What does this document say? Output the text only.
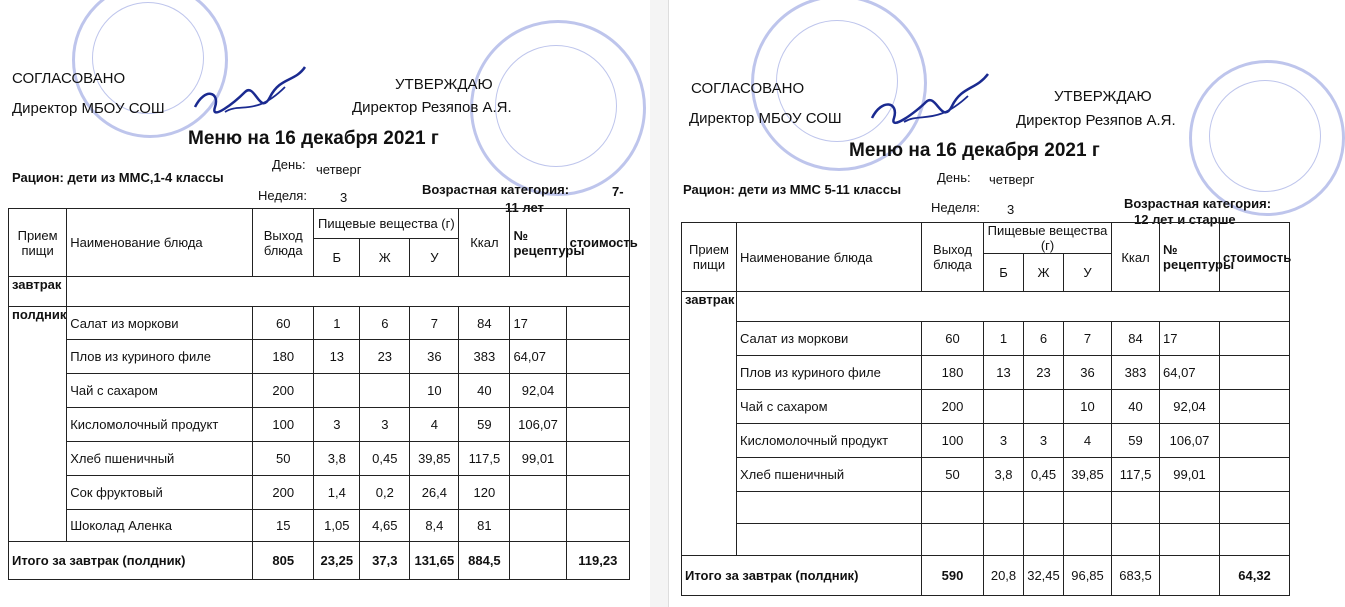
СОГЛАСОВАНО
Директор МБОУ СОШ
УТВЕРЖДАЮ
Директор Резяпов А.Я.
Меню на 16 декабря 2021 г
День: четверг
Рацион: дети из ММС,1-4 классы
Неделя:	3
Возрастная категория:	7-
11 лет
Прием пищи	Наименование блюда	Выход блюда	Пищевые вещества (г)			Ккал	№ рецептуры	стоимость
			Б	Ж	У			
завтрак								
полдник	Салат из моркови	60	1	6	7	84	17	
	Плов из куриного филе	180	13	23	36	383	64,07	
	Чай с сахаром	200			10	40	92,04	
	Кисломолочный продукт	100	3	3	4	59	106,07	
	Хлеб пшеничный	50	3,8	0,45	39,85	117,5	99,01	
	Сок фруктовый	200	1,4	0,2	26,4	120		
	Шоколад Аленка	15	1,05	4,65	8,4	81		
Итого за завтрак (полдник)		805	23,25	37,3	131,65	884,5		119,23
СОГЛАСОВАНО
Директор МБОУ СОШ
УТВЕРЖДАЮ
Директор Резяпов А.Я.
Меню на 16 декабря 2021 г
День: четверг
Рацион: дети из ММС 5-11 классы
Неделя: 3	Возрастная категория:
12 лет и старше
Прием пищи	Наименование блюда	Выход блюда	Пищевые вещества (г)			Ккал	№ рецептуры	стоимость
			Б	Ж	У			
завтрак								
	Салат из моркови	60	1	6	7	84	17	
	Плов из куриного филе	180	13	23	36	383	64,07	
	Чай с сахаром	200			10	40	92,04	
	Кисломолочный продукт	100	3	3	4	59	106,07	
	Хлеб пшеничный	50	3,8	0,45	39,85	117,5	99,01	

Итого за завтрак (полдник)		590	20,8	32,45	96,85	683,5		64,32
